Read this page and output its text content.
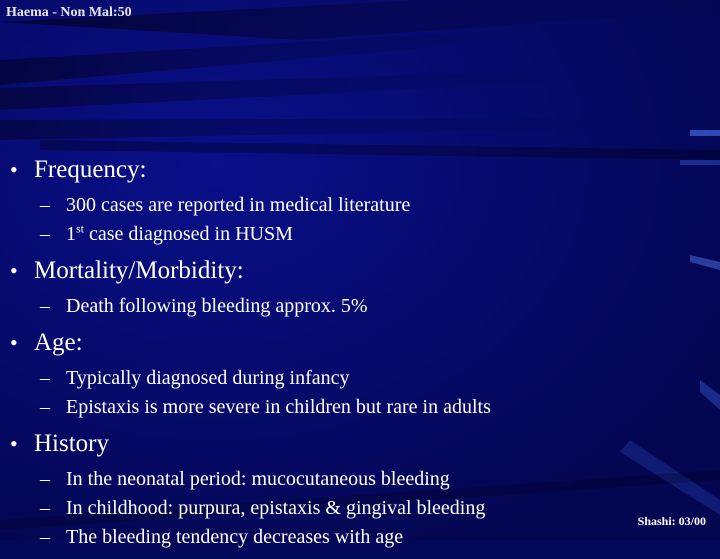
Haema - Non Mal:50
• Frequency:
– 300 cases are reported in medical literature
– 1st case diagnosed in HUSM
• Mortality/Morbidity:
– Death following bleeding approx. 5%
• Age:
– Typically diagnosed during infancy
– Epistaxis is more severe in children but rare in adults
• History
– In the neonatal period: mucocutaneous bleeding
– In childhood: purpura, epistaxis & gingival bleeding
– The bleeding tendency decreases with age
Shashi: 03/00
